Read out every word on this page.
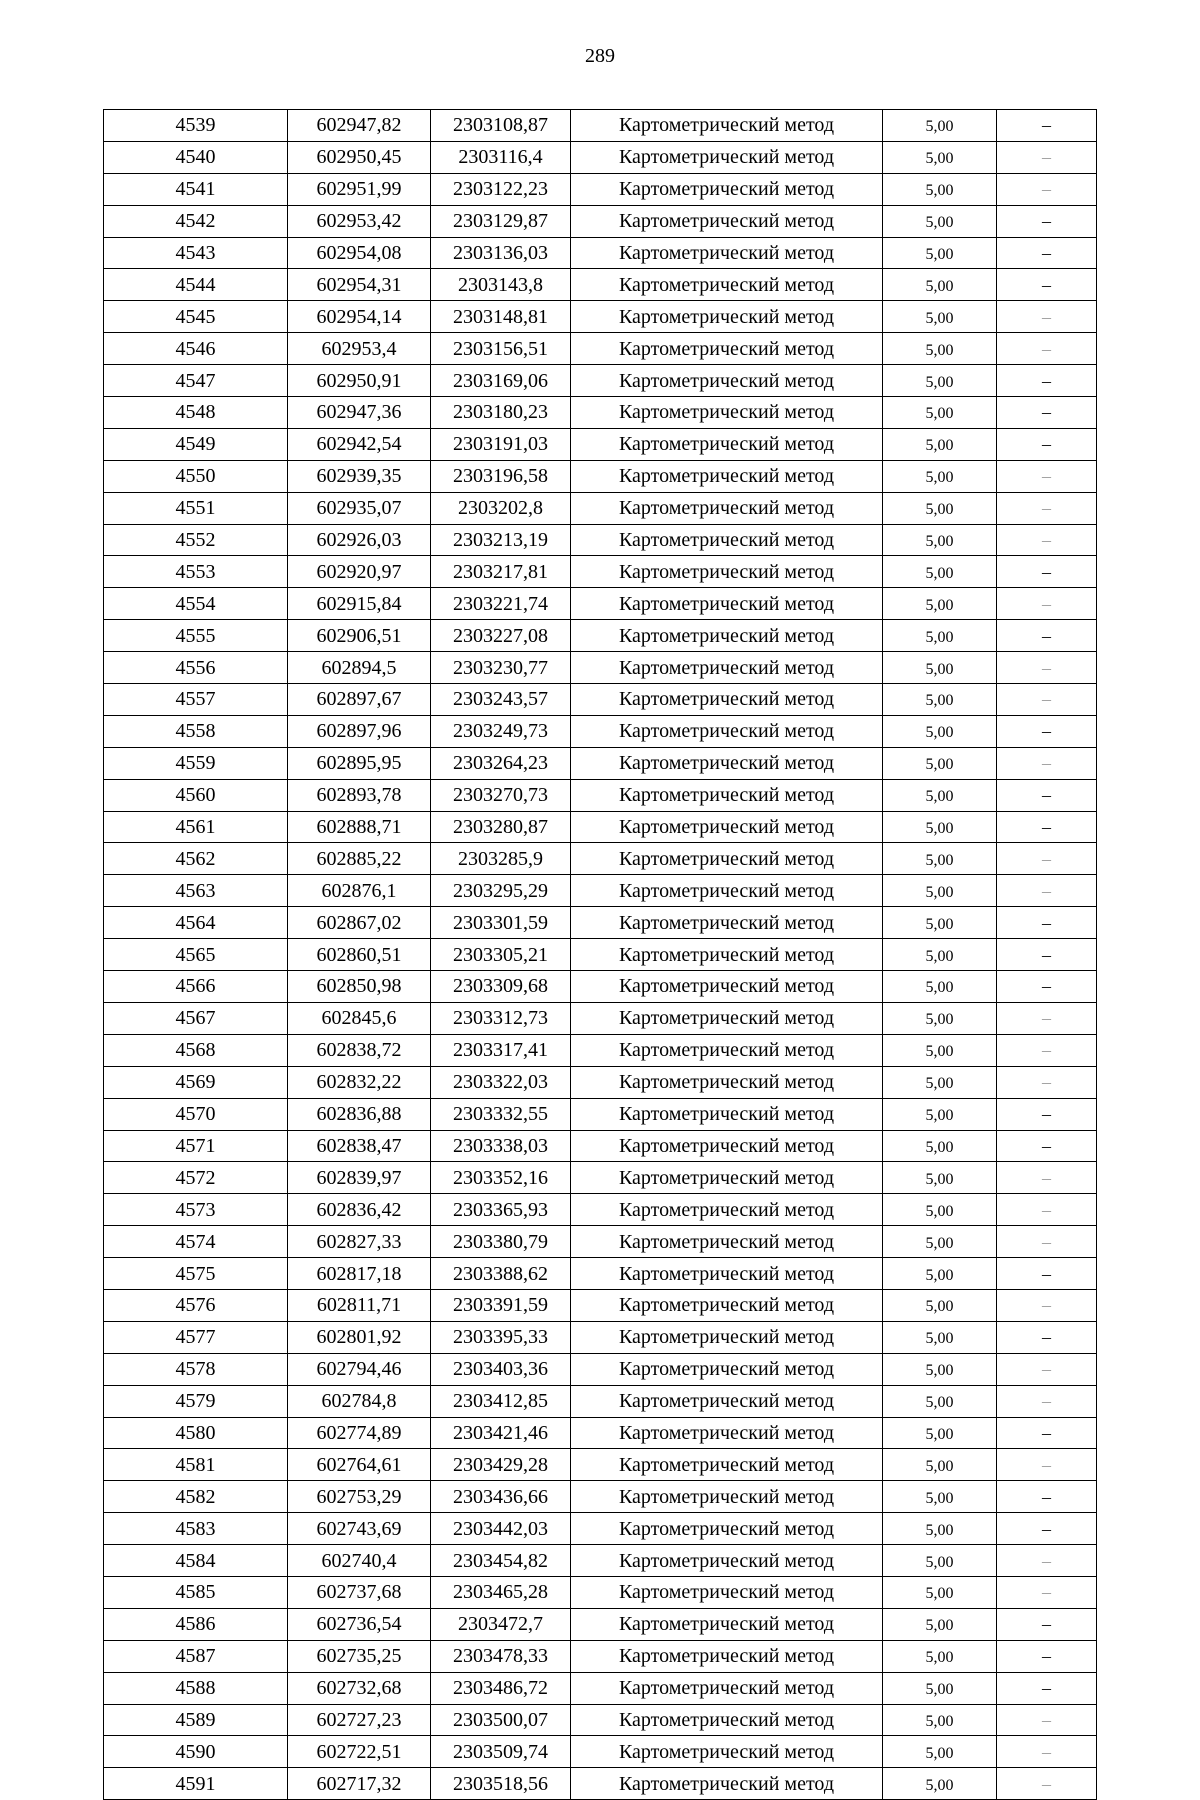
289
4539	602947,82	2303108,87	Картометрический метод	5,00	–
4540	602950,45	2303116,4	Картометрический метод	5,00	–
4541	602951,99	2303122,23	Картометрический метод	5,00	–
4542	602953,42	2303129,87	Картометрический метод	5,00	–
4543	602954,08	2303136,03	Картометрический метод	5,00	–
4544	602954,31	2303143,8	Картометрический метод	5,00	–
4545	602954,14	2303148,81	Картометрический метод	5,00	–
4546	602953,4	2303156,51	Картометрический метод	5,00	–
4547	602950,91	2303169,06	Картометрический метод	5,00	–
4548	602947,36	2303180,23	Картометрический метод	5,00	–
4549	602942,54	2303191,03	Картометрический метод	5,00	–
4550	602939,35	2303196,58	Картометрический метод	5,00	–
4551	602935,07	2303202,8	Картометрический метод	5,00	–
4552	602926,03	2303213,19	Картометрический метод	5,00	–
4553	602920,97	2303217,81	Картометрический метод	5,00	–
4554	602915,84	2303221,74	Картометрический метод	5,00	–
4555	602906,51	2303227,08	Картометрический метод	5,00	–
4556	602894,5	2303230,77	Картометрический метод	5,00	–
4557	602897,67	2303243,57	Картометрический метод	5,00	–
4558	602897,96	2303249,73	Картометрический метод	5,00	–
4559	602895,95	2303264,23	Картометрический метод	5,00	–
4560	602893,78	2303270,73	Картометрический метод	5,00	–
4561	602888,71	2303280,87	Картометрический метод	5,00	–
4562	602885,22	2303285,9	Картометрический метод	5,00	–
4563	602876,1	2303295,29	Картометрический метод	5,00	–
4564	602867,02	2303301,59	Картометрический метод	5,00	–
4565	602860,51	2303305,21	Картометрический метод	5,00	–
4566	602850,98	2303309,68	Картометрический метод	5,00	–
4567	602845,6	2303312,73	Картометрический метод	5,00	–
4568	602838,72	2303317,41	Картометрический метод	5,00	–
4569	602832,22	2303322,03	Картометрический метод	5,00	–
4570	602836,88	2303332,55	Картометрический метод	5,00	–
4571	602838,47	2303338,03	Картометрический метод	5,00	–
4572	602839,97	2303352,16	Картометрический метод	5,00	–
4573	602836,42	2303365,93	Картометрический метод	5,00	–
4574	602827,33	2303380,79	Картометрический метод	5,00	–
4575	602817,18	2303388,62	Картометрический метод	5,00	–
4576	602811,71	2303391,59	Картометрический метод	5,00	–
4577	602801,92	2303395,33	Картометрический метод	5,00	–
4578	602794,46	2303403,36	Картометрический метод	5,00	–
4579	602784,8	2303412,85	Картометрический метод	5,00	–
4580	602774,89	2303421,46	Картометрический метод	5,00	–
4581	602764,61	2303429,28	Картометрический метод	5,00	–
4582	602753,29	2303436,66	Картометрический метод	5,00	–
4583	602743,69	2303442,03	Картометрический метод	5,00	–
4584	602740,4	2303454,82	Картометрический метод	5,00	–
4585	602737,68	2303465,28	Картометрический метод	5,00	–
4586	602736,54	2303472,7	Картометрический метод	5,00	–
4587	602735,25	2303478,33	Картометрический метод	5,00	–
4588	602732,68	2303486,72	Картометрический метод	5,00	–
4589	602727,23	2303500,07	Картометрический метод	5,00	–
4590	602722,51	2303509,74	Картометрический метод	5,00	–
4591	602717,32	2303518,56	Картометрический метод	5,00	–
